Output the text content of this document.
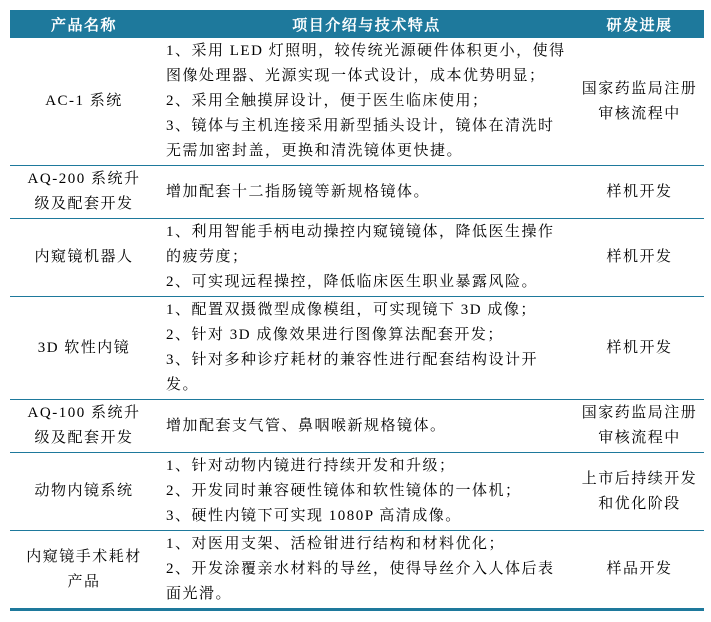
产品名称	项目介绍与技术特点	研发进展
AC-1 系统	1、采用 LED 灯照明，较传统光源硬件体积更小，使得图像处理器、光源实现一体式设计，成本优势明显；
2、采用全触摸屏设计，便于医生临床使用；
3、镜体与主机连接采用新型插头设计，镜体在清洗时无需加密封盖，更换和清洗镜体更快捷。	国家药监局注册审核流程中
AQ-200 系统升级及配套开发	增加配套十二指肠镜等新规格镜体。	样机开发
内窥镜机器人	1、利用智能手柄电动操控内窥镜镜体，降低医生操作的疲劳度；
2、可实现远程操控，降低临床医生职业暴露风险。	样机开发
3D 软性内镜	1、配置双摄微型成像模组，可实现镜下 3D 成像；
2、针对 3D 成像效果进行图像算法配套开发；
3、针对多种诊疗耗材的兼容性进行配套结构设计开发。	样机开发
AQ-100 系统升级及配套开发	增加配套支气管、鼻咽喉新规格镜体。	国家药监局注册审核流程中
动物内镜系统	1、针对动物内镜进行持续开发和升级；
2、开发同时兼容硬性镜体和软性镜体的一体机；
3、硬性内镜下可实现 1080P 高清成像。	上市后持续开发和优化阶段
内窥镜手术耗材产品	1、对医用支架、活检钳进行结构和材料优化；
2、开发涂覆亲水材料的导丝，使得导丝介入人体后表面光滑。	样品开发
